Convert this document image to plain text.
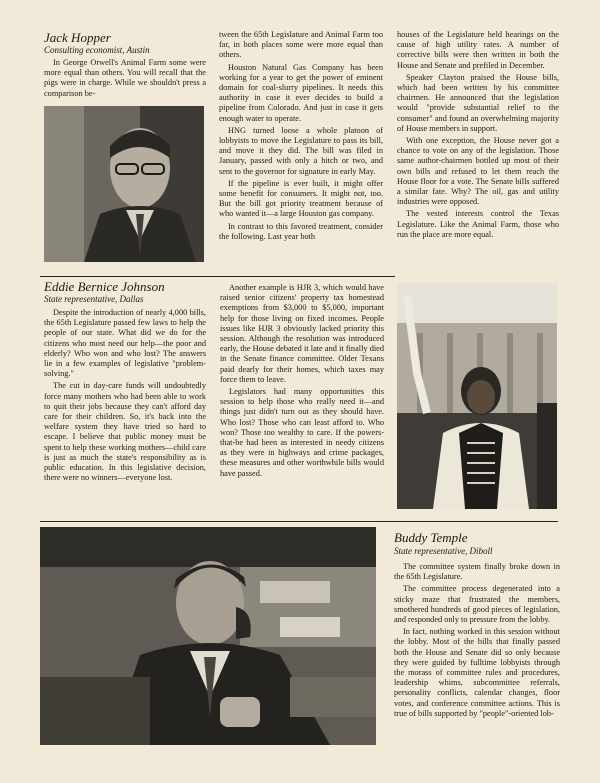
Jack Hopper
Consulting economist, Austin

In George Orwell's Animal Farm some were more equal than others. You will recall that the pigs were in charge. While we shouldn't press a comparison be-

tween the 65th Legislature and Animal Farm too far, in both places some were more equal than others.

Houston Natural Gas Company has been working for a year to get the power of eminent domain for coal-slurry pipelines. It needs this authority in case it ever decides to build a pipeline from Colorado. And just in case it gets enough water to operate.

HNG turned loose a whole platoon of lobbyists to move the Legislature to pass its bill, and move it they did. The bill was filed in January, passed with only a hitch or two, and sent to the governor for signature in early May.

If the pipeline is ever built, it might offer some benefit for consumers. It might not, too. But the bill got priority treatment because of who wanted it—a large Houston gas company.

In contrast to this favored treatment, consider the following. Last year both

houses of the Legislature held hearings on the cause of high utility rates. A number of corrective bills were then written in both the House and Senate and prefiled in December.

Speaker Clayton praised the House bills, which had been written by his committee chairmen. He announced that the legislation would "provide substantial relief to the consumer" and found an overwhelming majority of House members in support.

With one exception, the House never got a chance to vote on any of the legislation. Those same author-chairmen bottled up most of their own bills and refused to let them reach the House floor for a vote. The Senate bills suffered a similar fate. Why? The oil, gas and utility industries were opposed.

The vested interests control the Texas Legislature. Like the Animal Farm, those who run the place are more equal.

Eddie Bernice Johnson
State representative, Dallas

Despite the introduction of nearly 4,000 bills, the 65th Legislature passed few laws to help the people of our state. What did we do for the citizens who most need our help—the poor and elderly? Who won and who lost? The answers lie in a few examples of legislative "problem-solving."

The cut in day-care funds will undoubtedly force many mothers who had been able to work to quit their jobs because they can't afford day care for their children. So, it's back into the welfare system they have tried so hard to escape. I believe that public money must be spent to help these working mothers—child care is just as much the state's responsibility as is public education. In this legislative decision, there were no winners—everyone lost.

Another example is HJR 3, which would have raised senior citizens' property tax homestead exemptions from $3,000 to $5,000, important help for those living on fixed incomes. People issues like HJR 3 obviously lacked priority this session. Although the resolution was introduced early, the House debated it late and it finally died in the Senate finance committee. Older Texans paid dearly for their homes, which taxes may force them to leave.

Legislators had many opportunities this session to help those who really need it—and things just didn't turn out as they should have. Who lost? Those who can least afford to. Who won? Those too wealthy to care. If the powers-that-be had been as interested in needy citizens as they were in highways and crime packages, these measures and other worthwhile bills would have passed.

Buddy Temple
State representative, Diboll

The committee system finally broke down in the 65th Legislature.

The committee process degenerated into a sticky maze that frustrated the members, smothered hundreds of good pieces of legislation, and responded only to pressure from the lobby.

In fact, nothing worked in this session without the lobby. Most of the bills that finally passed both the House and Senate did so only because they were guided by fulltime lobbyists through the morass of committee rules and procedures, leadership whims, subcommittee referrals, personality conflicts, calendar changes, floor votes, and conference committee actions. This is true of bills supported by "people"-oriented lob-
